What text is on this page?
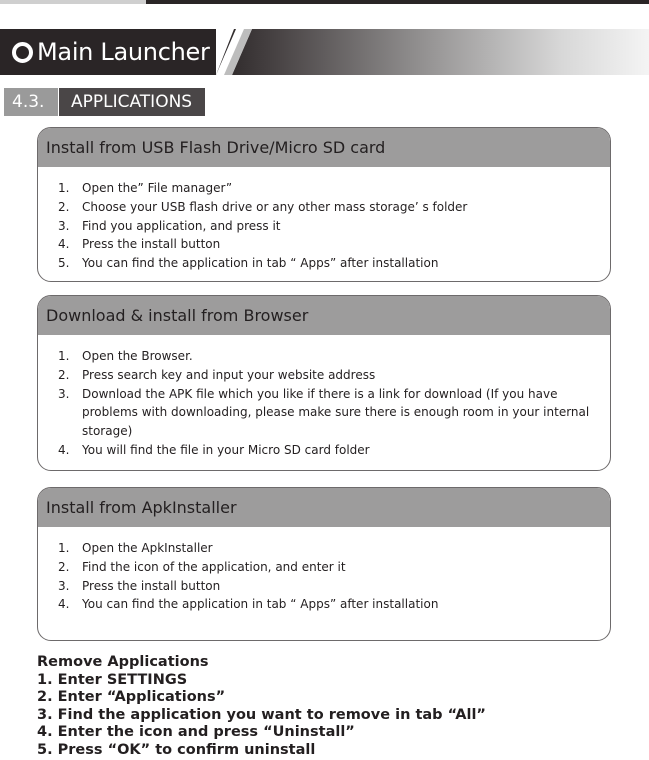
Main Launcher
4.3.	APPLICATIONS
Install from USB Flash Drive/Micro SD card
1. Open the” File manager”
2. Choose your USB flash drive or any other mass storage’ s folder
3. Find you application, and press it
4. Press the install button
5. You can find the application in tab “ Apps” after installation
Download & install from Browser
1. Open the Browser.
2. Press search key and input your website address
3. Download the APK file which you like if there is a link for download (If you have problems with downloading, please make sure there is enough room in your internal storage)
4. You will find the file in your Micro SD card folder
Install from ApkInstaller
1. Open the ApkInstaller
2. Find the icon of the application, and enter it
3. Press the install button
4. You can find the application in tab “ Apps” after installation
Remove Applications
1. Enter SETTINGS
2. Enter “Applications”
3. Find the application you want to remove in tab “All”
4. Enter the icon and press “Uninstall”
5. Press “OK” to confirm uninstall
